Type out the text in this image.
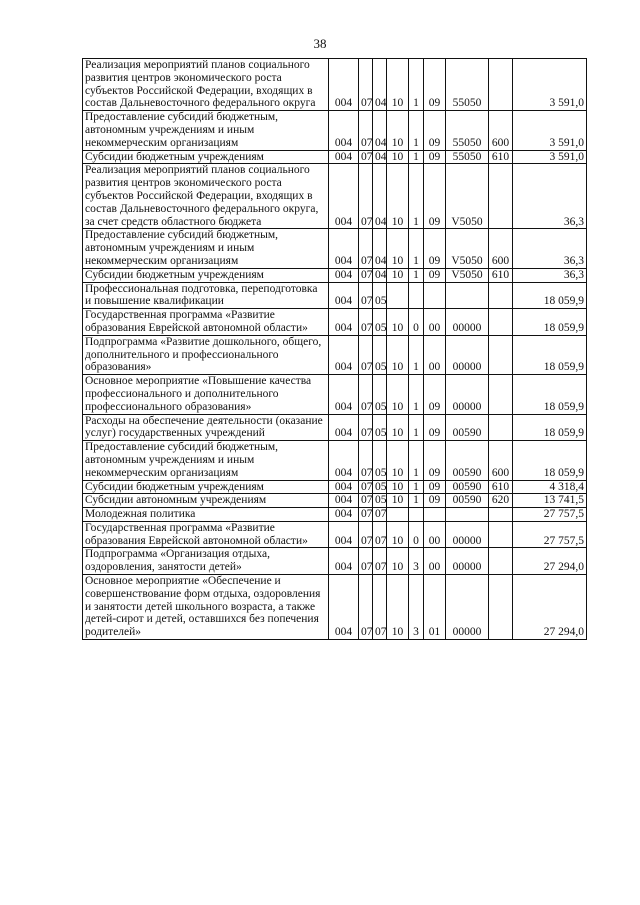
38
Реализация мероприятий планов социального развития центров экономического роста субъектов Российской Федерации, входящих в состав Дальневосточного федерального округа	004	07	04	10	1	09	55050		3 591,0
Предоставление субсидий бюджетным, автономным учреждениям и иным некоммерческим организациям	004	07	04	10	1	09	55050	600	3 591,0
Субсидии бюджетным учреждениям	004	07	04	10	1	09	55050	610	3 591,0
Реализация мероприятий планов социального развития центров экономического роста субъектов Российской Федерации, входящих в состав Дальневосточного федерального округа, за счет средств областного бюджета	004	07	04	10	1	09	V5050		36,3
Предоставление субсидий бюджетным, автономным учреждениям и иным некоммерческим организациям	004	07	04	10	1	09	V5050	600	36,3
Субсидии бюджетным учреждениям	004	07	04	10	1	09	V5050	610	36,3
Профессиональная подготовка, переподготовка и повышение квалификации	004	07	05						18 059,9
Государственная программа «Развитие образования Еврейской автономной области»	004	07	05	10	0	00	00000		18 059,9
Подпрограмма «Развитие дошкольного, общего, дополнительного и профессионального образования»	004	07	05	10	1	00	00000		18 059,9
Основное мероприятие «Повышение качества профессионального и дополнительного профессионального образования»	004	07	05	10	1	09	00000		18 059,9
Расходы на обеспечение деятельности (оказание услуг) государственных учреждений	004	07	05	10	1	09	00590		18 059,9
Предоставление субсидий бюджетным, автономным учреждениям и иным некоммерческим организациям	004	07	05	10	1	09	00590	600	18 059,9
Субсидии бюджетным учреждениям	004	07	05	10	1	09	00590	610	4 318,4
Субсидии автономным учреждениям	004	07	05	10	1	09	00590	620	13 741,5
Молодежная политика	004	07	07						27 757,5
Государственная программа «Развитие образования Еврейской автономной области»	004	07	07	10	0	00	00000		27 757,5
Подпрограмма «Организация отдыха, оздоровления, занятости детей»	004	07	07	10	3	00	00000		27 294,0
Основное мероприятие «Обеспечение и совершенствование форм отдыха, оздоровления и занятости детей школьного возраста, а также детей-сирот и детей, оставшихся без попечения родителей»	004	07	07	10	3	01	00000		27 294,0
